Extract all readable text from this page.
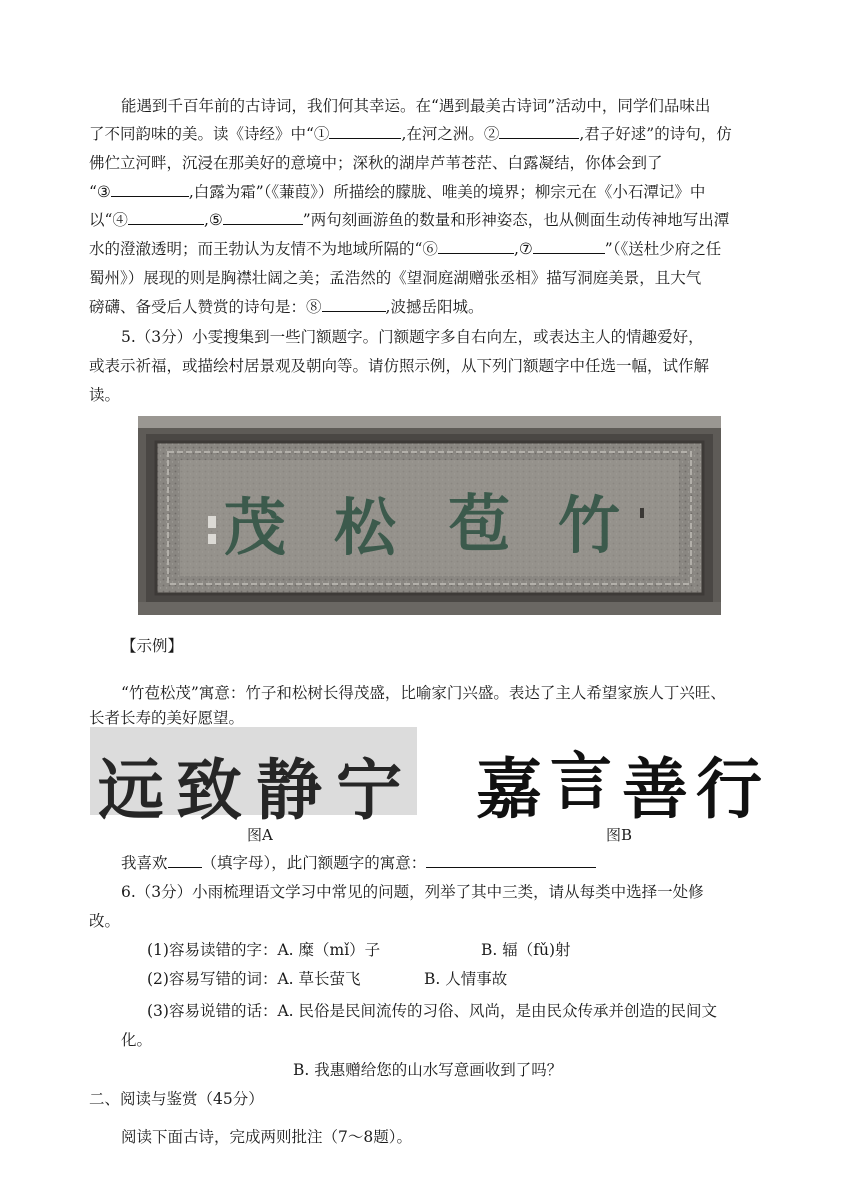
能遇到千百年前的古诗词，我们何其幸运。在“遇到最美古诗词”活动中，同学们品味出
了不同韵味的美。读《诗经》中“①	,在河之洲。②	,君子好逑”的诗句，仿
佛伫立河畔，沉浸在那美好的意境中；深秋的湖岸芦苇苍茫、白露凝结，你体会到了
“③	,白露为霜”（《蒹葭》）所描绘的朦胧、唯美的境界；柳宗元在《小石潭记》中
以“④	,⑤	”两句刻画游鱼的数量和形神姿态，也从侧面生动传神地写出潭
水的澄澈透明；而王勃认为友情不为地域所隔的“⑥	,⑦	”（《送杜少府之任
蜀州》）展现的则是胸襟壮阔之美；孟浩然的《望洞庭湖赠张丞相》描写洞庭美景，且大气
磅礴、备受后人赞赏的诗句是：⑧	,波撼岳阳城。
5.（3分）小雯搜集到一些门额题字。门额题字多自右向左，或表达主人的情趣爱好，
或表示祈福，或描绘村居景观及朝向等。请仿照示例，从下列门额题字中任选一幅，试作解
读。
茂 松 苞 竹
【示例】
“竹苞松茂”寓意：竹子和松树长得茂盛，比喻家门兴盛。表达了主人希望家族人丁兴旺、
长者长寿的美好愿望。
远 致 静 宁 嘉 言 善 行
图A	图B
我喜欢 （填字母），此门额题字的寓意：
6.（3分）小雨梳理语文学习中常见的问题，列举了其中三类，请从每类中选择一处修
改。
(1)容易读错的字：A. 糜（mǐ）子	B. 辐（fǔ)射
(2)容易写错的词：A. 草长萤飞	B. 人情事故
(3)容易说错的话：A. 民俗是民间流传的习俗、风尚，是由民众传承并创造的民间文
化。
B. 我惠赠给您的山水写意画收到了吗？
二、阅读与鉴赏（45分）
阅读下面古诗，完成两则批注（7～8题）。
